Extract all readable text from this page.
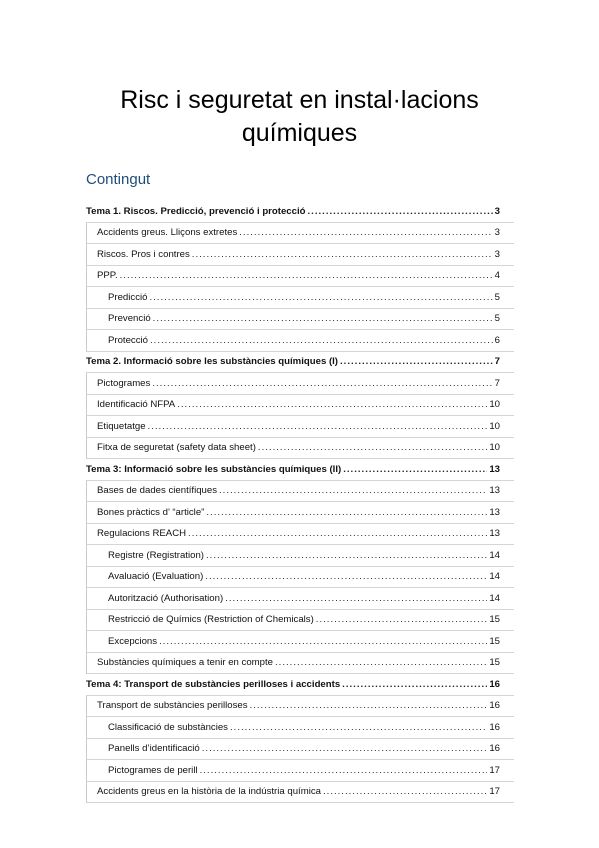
Risc i seguretat en instal·lacions
químiques
Contingut
Tema 1. Riscos. Predicció, prevenció i protecció .....	3
Accidents greus. Lliçons extretes .....	3
Riscos. Pros i contres .....	3
PPP. .....	4
Predicció .....	5
Prevenció .....	5
Protecció .....	6
Tema 2. Informació sobre les substàncies químiques (I) .....	7
Pictogrames .....	7
Identificació NFPA .....	10
Etiquetatge .....	10
Fitxa de seguretat (safety data sheet) .....	10
Tema 3: Informació sobre les substàncies químiques (II) .....	13
Bases de dades científiques .....	13
Bones pràctics d’ “article” .....	13
Regulacions REACH .....	13
Registre (Registration) .....	14
Avaluació (Evaluation) .....	14
Autorització (Authorisation) .....	14
Restricció de Químics (Restriction of Chemicals) .....	15
Excepcions .....	15
Substàncies químiques a tenir en compte .....	15
Tema 4: Transport de substàncies perilloses i accidents .....	16
Transport de substàncies perilloses .....	16
Classificació de substàncies .....	16
Panells d’identificació .....	16
Pictogrames de perill .....	17
Accidents greus en la història de la indústria química .....	17
